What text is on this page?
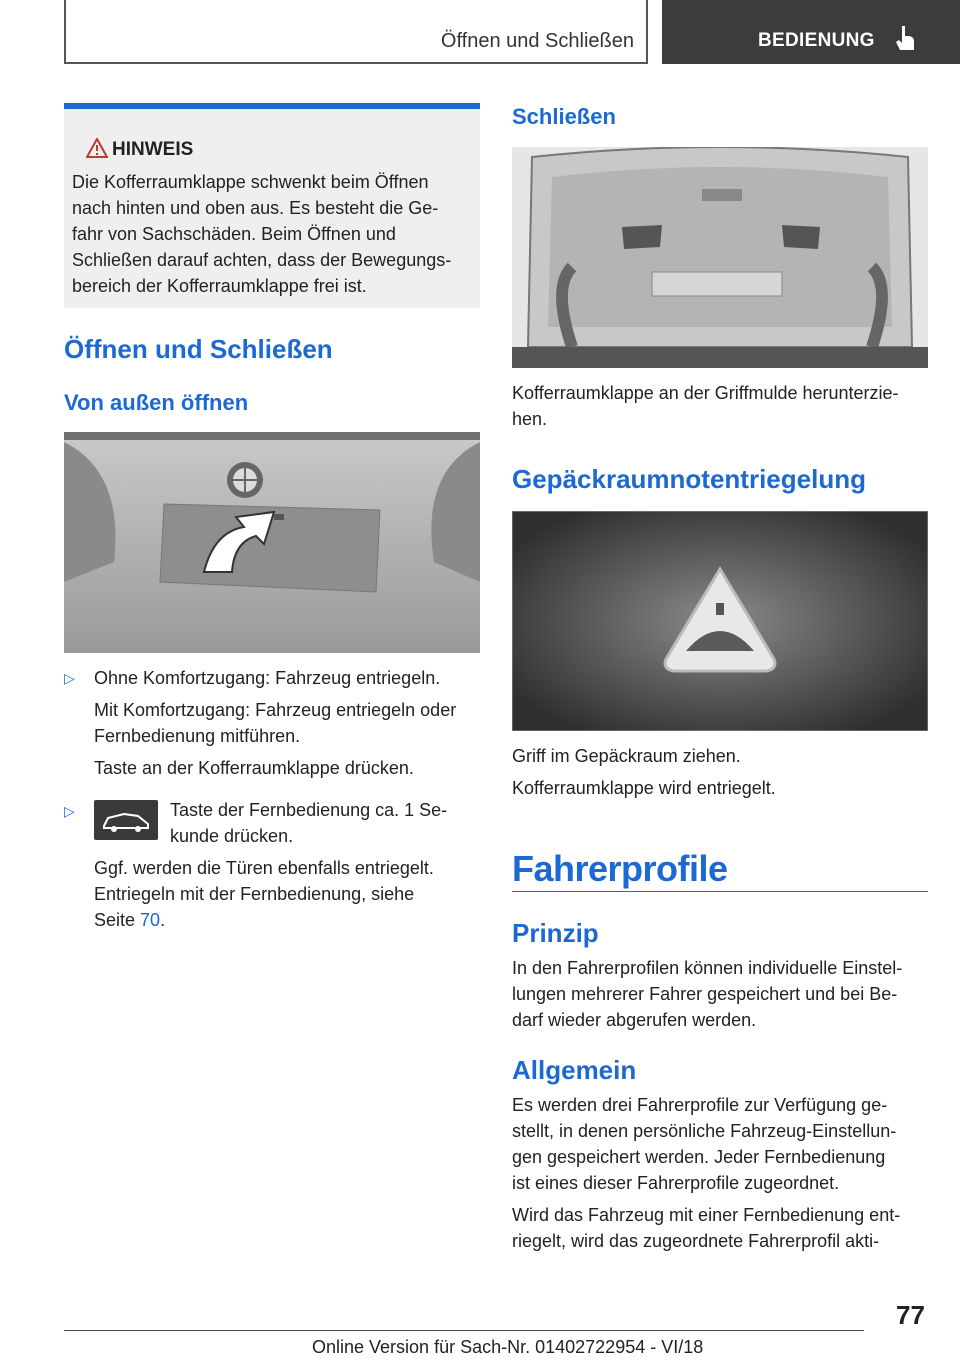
Öffnen und Schließen	BEDIENUNG
HINWEIS
Die Kofferraumklappe schwenkt beim Öffnen
nach hinten und oben aus. Es besteht die Ge-
fahr von Sachschäden. Beim Öffnen und
Schließen darauf achten, dass der Bewegungs-
bereich der Kofferraumklappe frei ist.
Öffnen und Schließen
Von außen öffnen
▷ Ohne Komfortzugang: Fahrzeug entriegeln.
Mit Komfortzugang: Fahrzeug entriegeln oder
Fernbedienung mitführen.
Taste an der Kofferraumklappe drücken.
▷	Taste der Fernbedienung ca. 1 Se-
kunde drücken.
Ggf. werden die Türen ebenfalls entriegelt.
Entriegeln mit der Fernbedienung, siehe
Seite 70.
Schließen
Kofferraumklappe an der Griffmulde herunterzie-
hen.
Gepäckraumnotentriegelung
Griff im Gepäckraum ziehen.
Kofferraumklappe wird entriegelt.
Fahrerprofile
Prinzip
In den Fahrerprofilen können individuelle Einstel-
lungen mehrerer Fahrer gespeichert und bei Be-
darf wieder abgerufen werden.
Allgemein
Es werden drei Fahrerprofile zur Verfügung ge-
stellt, in denen persönliche Fahrzeug-Einstellun-
gen gespeichert werden. Jeder Fernbedienung
ist eines dieser Fahrerprofile zugeordnet.
Wird das Fahrzeug mit einer Fernbedienung ent-
riegelt, wird das zugeordnete Fahrerprofil akti-
77
Online Version für Sach-Nr. 01402722954 - VI/18
